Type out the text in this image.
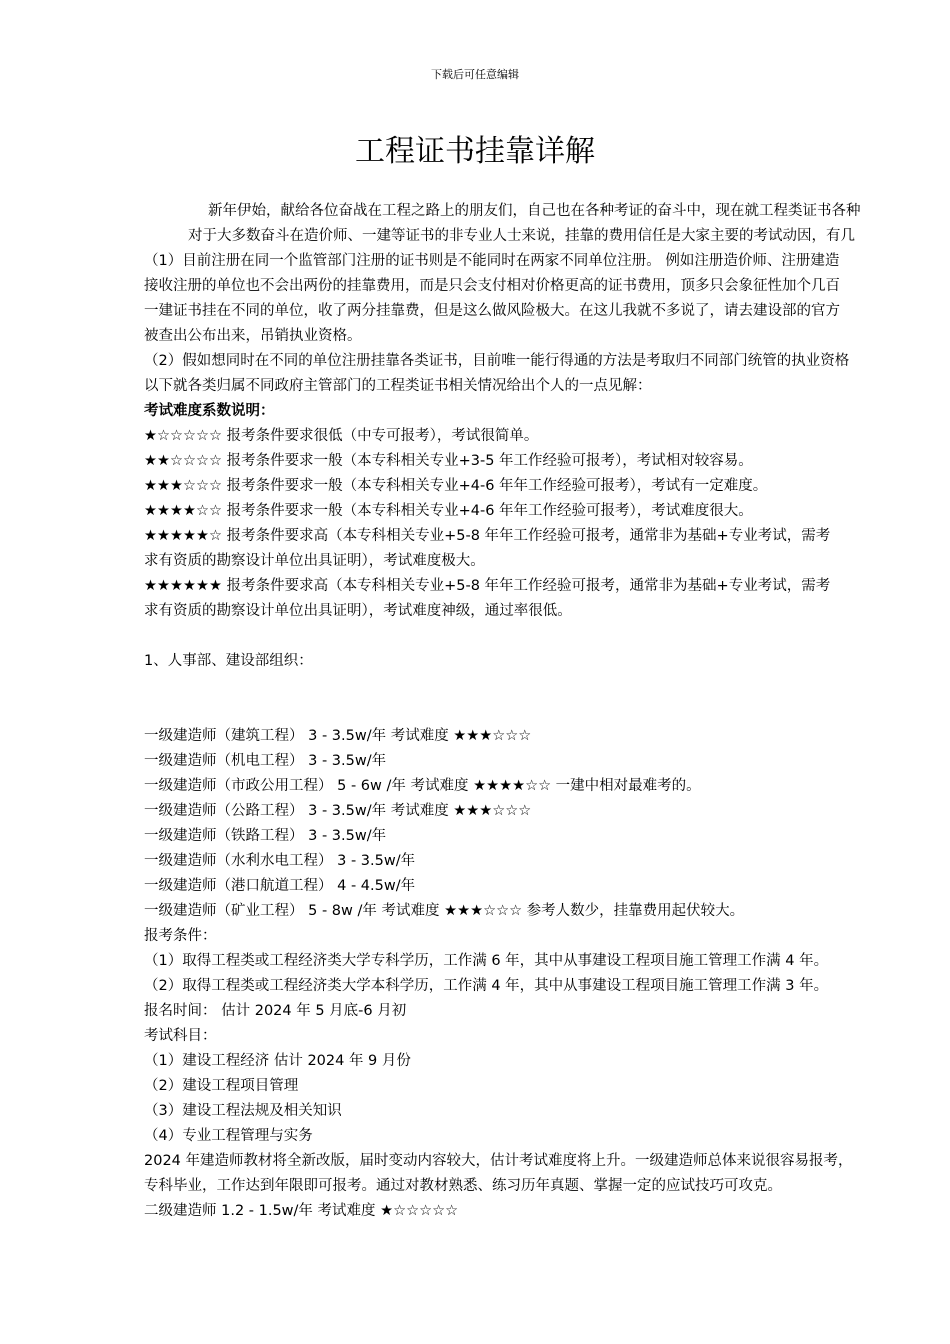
下载后可任意编辑
工程证书挂靠详解
新年伊始，献给各位奋战在工程之路上的朋友们，自己也在各种考证的奋斗中，现在就工程类证书各种
对于大多数奋斗在造价师、一建等证书的非专业人士来说，挂靠的费用信任是大家主要的考试动因，有几
（1）目前注册在同一个监管部门注册的证书则是不能同时在两家不同单位注册。 例如注册造价师、注册建造
接收注册的单位也不会出两份的挂靠费用，而是只会支付相对价格更高的证书费用，顶多只会象征性加个几百
一建证书挂在不同的单位，收了两分挂靠费，但是这么做风险极大。在这儿我就不多说了，请去建设部的官方
被查出公布出来，吊销执业资格。
（2）假如想同时在不同的单位注册挂靠各类证书，目前唯一能行得通的方法是考取归不同部门统管的执业资格
以下就各类归属不同政府主管部门的工程类证书相关情况给出个人的一点见解：
考试难度系数说明：
★☆☆☆☆☆ 报考条件要求很低（中专可报考），考试很简单。
★★☆☆☆☆ 报考条件要求一般（本专科相关专业+3-5 年工作经验可报考），考试相对较容易。
★★★☆☆☆ 报考条件要求一般（本专科相关专业+4-6 年年工作经验可报考），考试有一定难度。
★★★★☆☆ 报考条件要求一般（本专科相关专业+4-6 年年工作经验可报考），考试难度很大。
★★★★★☆ 报考条件要求高（本专科相关专业+5-8 年年工作经验可报考，通常非为基础+专业考试，需考
求有资质的勘察设计单位出具证明），考试难度极大。
★★★★★★ 报考条件要求高（本专科相关专业+5-8 年年工作经验可报考，通常非为基础+专业考试，需考
求有资质的勘察设计单位出具证明），考试难度神级，通过率很低。
1、人事部、建设部组织：
一级建造师（建筑工程） 3 - 3.5w/年 考试难度 ★★★☆☆☆
一级建造师（机电工程） 3 - 3.5w/年
一级建造师（市政公用工程） 5 - 6w /年 考试难度 ★★★★☆☆ 一建中相对最难考的。
一级建造师（公路工程） 3 - 3.5w/年 考试难度 ★★★☆☆☆
一级建造师（铁路工程） 3 - 3.5w/年
一级建造师（水利水电工程） 3 - 3.5w/年
一级建造师（港口航道工程） 4 - 4.5w/年
一级建造师（矿业工程） 5 - 8w /年 考试难度 ★★★☆☆☆ 参考人数少，挂靠费用起伏较大。
报考条件：
（1）取得工程类或工程经济类大学专科学历，工作满 6 年，其中从事建设工程项目施工管理工作满 4 年。
（2）取得工程类或工程经济类大学本科学历，工作满 4 年，其中从事建设工程项目施工管理工作满 3 年。
报名时间： 估计 2024 年 5 月底-6 月初
考试科目：
（1）建设工程经济 估计 2024 年 9 月份
（2）建设工程项目管理
（3）建设工程法规及相关知识
（4）专业工程管理与实务
2024 年建造师教材将全新改版，届时变动内容较大，估计考试难度将上升。一级建造师总体来说很容易报考，
专科毕业，工作达到年限即可报考。通过对教材熟悉、练习历年真题、掌握一定的应试技巧可攻克。
二级建造师 1.2 - 1.5w/年 考试难度 ★☆☆☆☆☆
